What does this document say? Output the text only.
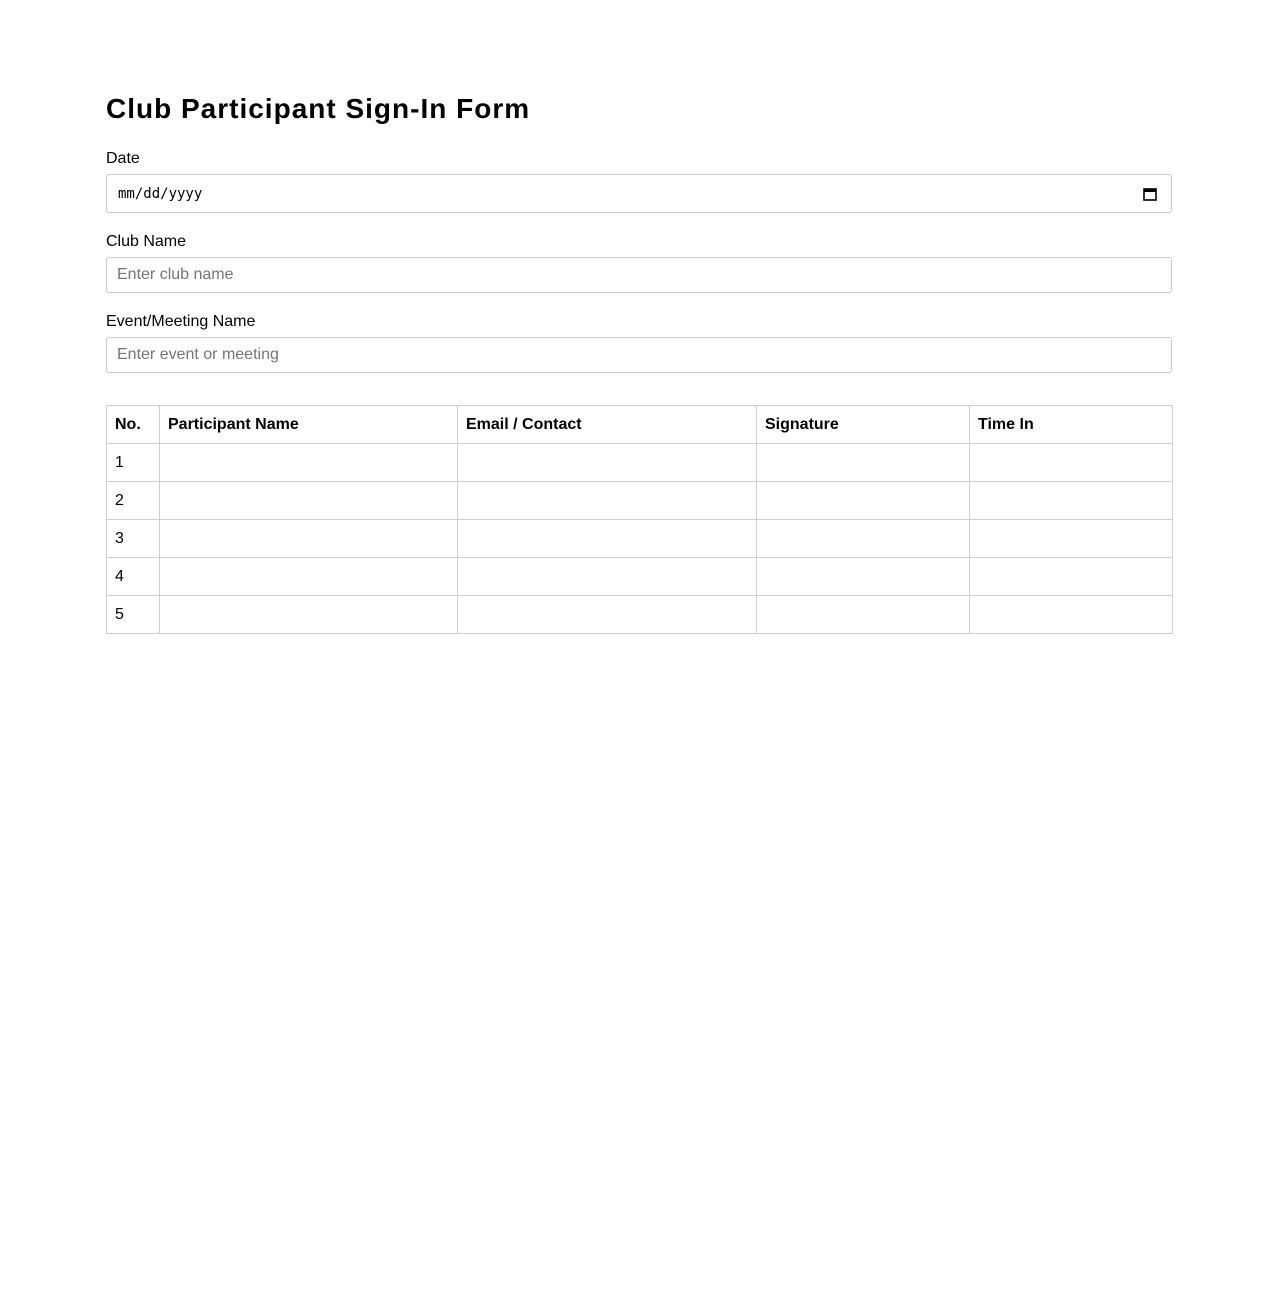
Club Participant Sign-In Form
Date
mm/dd/yyyy
Club Name
Enter club name
Event/Meeting Name
Enter event or meeting
No.	Participant Name	Email / Contact	Signature	Time In
1				
2				
3				
4				
5				
